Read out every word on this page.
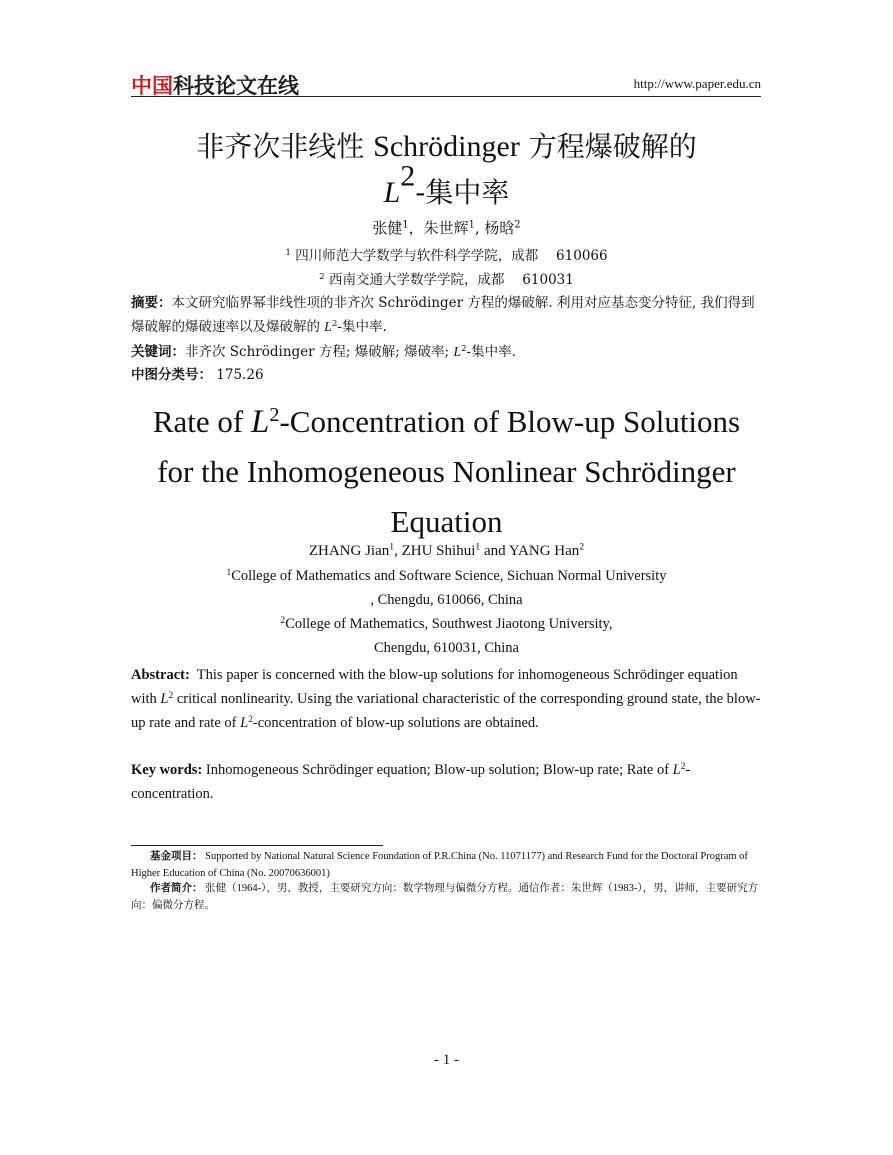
中国科技论文在线	http://www.paper.edu.cn
非齐次非线性 Schrödinger 方程爆破解的
$L^2-$集中率
张健$^1$，朱世辉$^1$, 杨晗$^2$
$^1$ 四川师范大学数学与软件科学学院，成都　 610066
$^2$ 西南交通大学数学学院，成都　 610031
摘要：本文研究临界幂非线性项的非齐次 Schrödinger 方程的爆破解. 利用对应基态变分特征, 我们得到爆破解的爆破速率以及爆破解的 $L^2-$集中率.
关键词：非齐次 Schrödinger 方程; 爆破解; 爆破率; $L^2-$集中率.
中图分类号： 175.26
Rate of $L^2$-Concentration of Blow-up Solutions
for the Inhomogeneous Nonlinear Schrödinger
Equation
ZHANG Jian$^1$, ZHU Shihui$^1$ and YANG Han$^2$
$^1$College of Mathematics and Software Science, Sichuan Normal University
, Chengdu, 610066, China
$^2$College of Mathematics, Southwest Jiaotong University,
Chengdu, 610031, China
Abstract:  This paper is concerned with the blow-up solutions for inhomogeneous Schrödinger equation with $L^2$ critical nonlinearity. Using the variational characteristic of the corresponding ground state, the blow-up rate and rate of $L^2$-concentration of blow-up solutions are obtained.
Key words: Inhomogeneous Schrödinger equation; Blow-up solution; Blow-up rate; Rate of $L^2$-concentration.
基金项目： Supported by National Natural Science Foundation of P.R.China (No. 11071177) and Research Fund for the Doctoral Program of Higher Education of China (No. 20070636001)
作者简介： 张健（1964-），男，教授，主要研究方向：数学物理与偏微分方程。通信作者：朱世辉（1983-），男，讲师，主要研究方向：偏微分方程。
- 1 -
